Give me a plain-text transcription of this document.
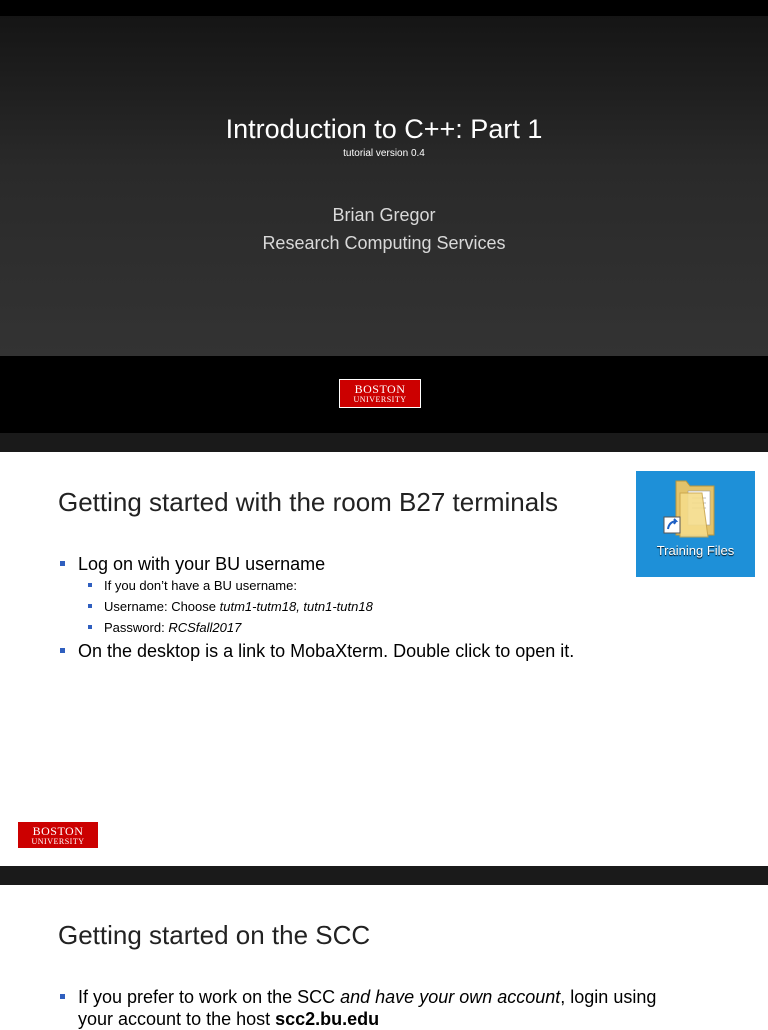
Introduction to C++: Part 1
tutorial version 0.4
Brian Gregor
Research Computing Services
BOSTON
UNIVERSITY
Getting started with the room B27 terminals

Log on with your BU username

If you don’t have a BU username:

Username: Choose tutm1-tutm18, tutn1-tutn18

Password: RCSfall2017

On the desktop is a link to MobaXterm. Double click to open it.

Training Files
BOSTON
UNIVERSITY
Getting started on the SCC

If you prefer to work on the SCC and have your own account, login using
your account to the host scc2.bu.edu
